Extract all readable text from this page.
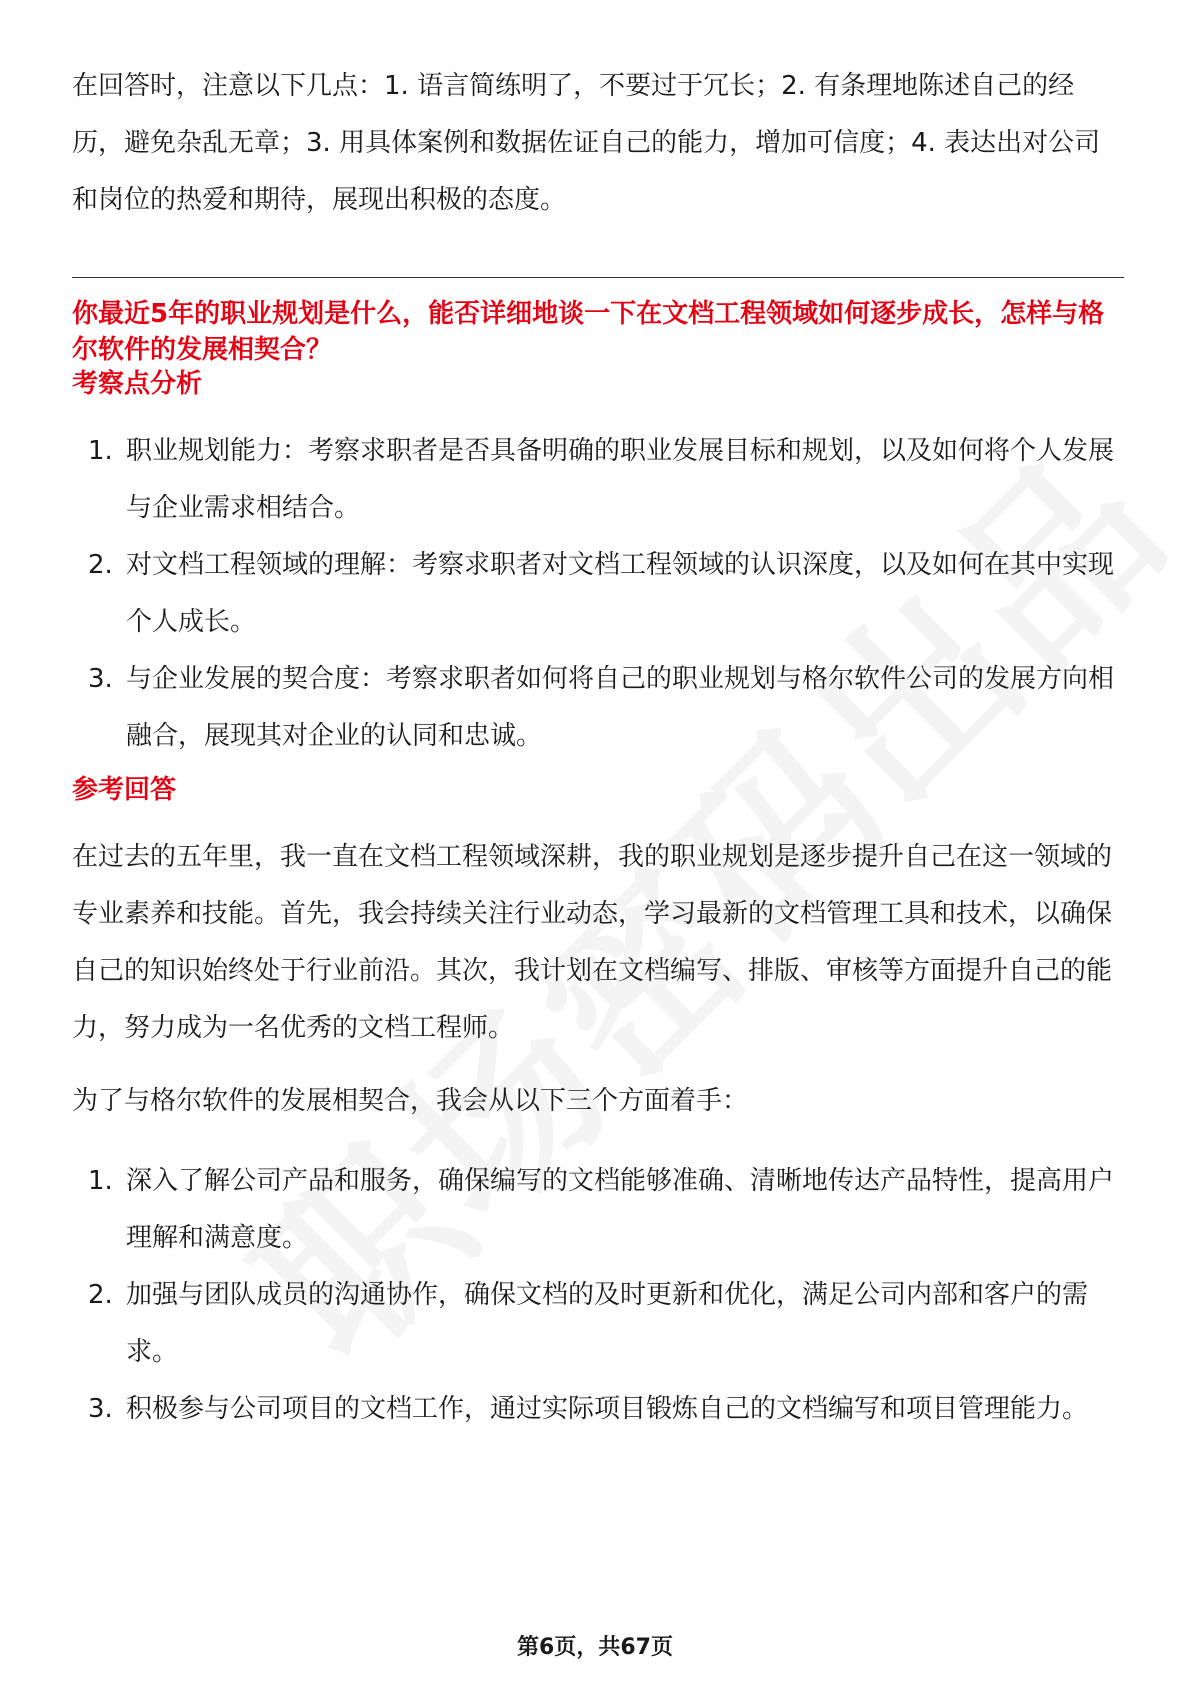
在回答时，注意以下几点：1. 语言简练明了，不要过于冗长；2. 有条理地陈述自己的经历，避免杂乱无章；3. 用具体案例和数据佐证自己的能力，增加可信度；4. 表达出对公司和岗位的热爱和期待，展现出积极的态度。

你最近5年的职业规划是什么，能否详细地谈一下在文档工程领域如何逐步成长，怎样与格尔软件的发展相契合？

考察点分析

1. 职业规划能力：考察求职者是否具备明确的职业发展目标和规划，以及如何将个人发展与企业需求相结合。
2. 对文档工程领域的理解：考察求职者对文档工程领域的认识深度，以及如何在其中实现个人成长。
3. 与企业发展的契合度：考察求职者如何将自己的职业规划与格尔软件公司的发展方向相融合，展现其对企业的认同和忠诚。

参考回答

在过去的五年里，我一直在文档工程领域深耕，我的职业规划是逐步提升自己在这一领域的专业素养和技能。首先，我会持续关注行业动态，学习最新的文档管理工具和技术，以确保自己的知识始终处于行业前沿。其次，我计划在文档编写、排版、审核等方面提升自己的能力，努力成为一名优秀的文档工程师。

为了与格尔软件的发展相契合，我会从以下三个方面着手：

1. 深入了解公司产品和服务，确保编写的文档能够准确、清晰地传达产品特性，提高用户理解和满意度。
2. 加强与团队成员的沟通协作，确保文档的及时更新和优化，满足公司内部和客户的需求。
3. 积极参与公司项目的文档工作，通过实际项目锻炼自己的文档编写和项目管理能力。
第6页，共67页
